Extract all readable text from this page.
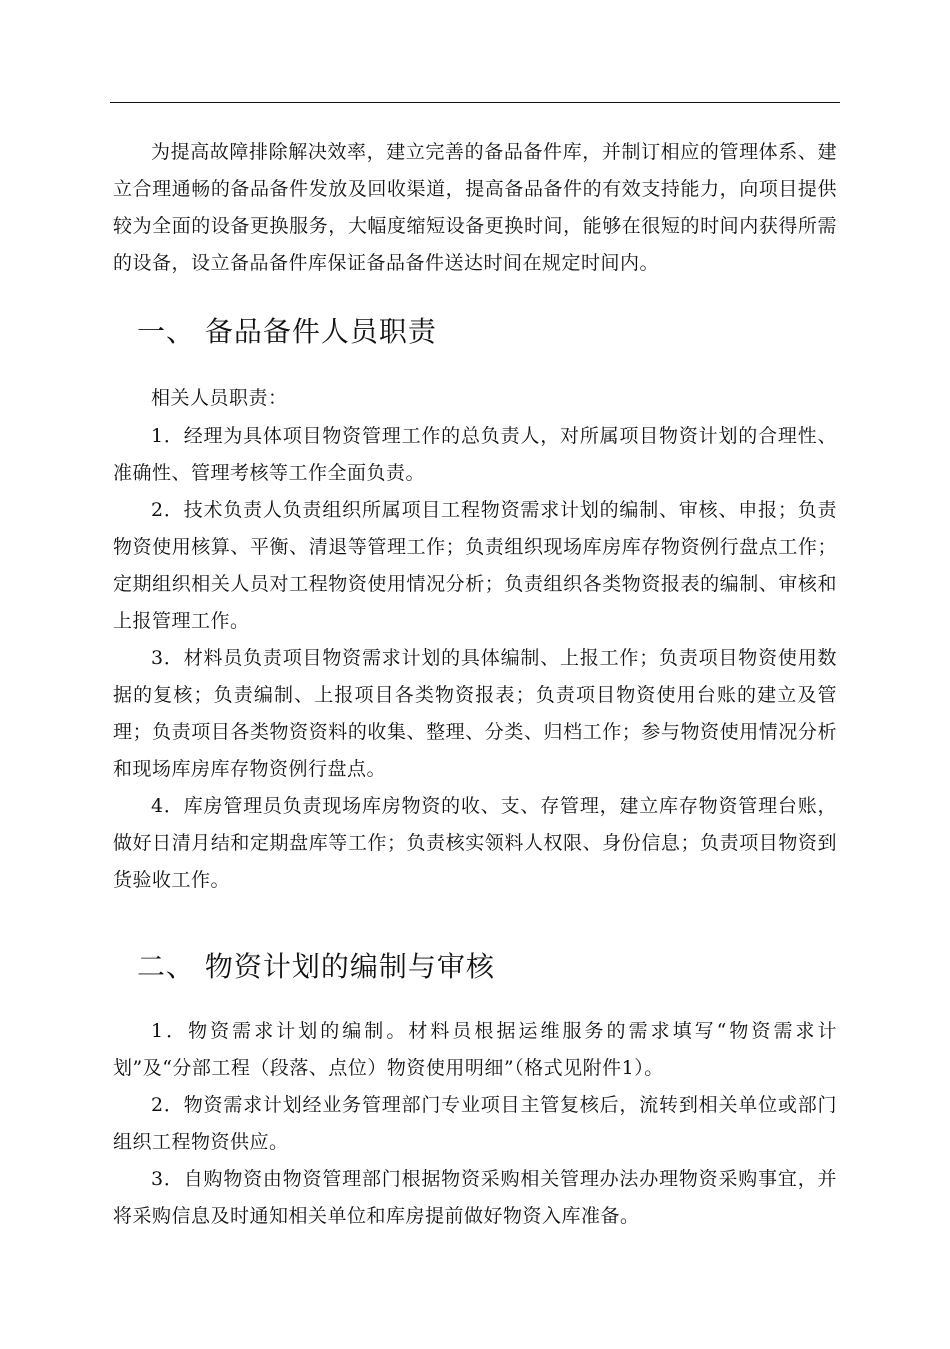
为提高故障排除解决效率，建立完善的备品备件库，并制订相应的管理体系、建立合理通畅的备品备件发放及回收渠道，提高备品备件的有效支持能力，向项目提供较为全面的设备更换服务，大幅度缩短设备更换时间，能够在很短的时间内获得所需的设备，设立备品备件库保证备品备件送达时间在规定时间内。

一、 备品备件人员职责

相关人员职责：

1．经理为具体项目物资管理工作的总负责人，对所属项目物资计划的合理性、准确性、管理考核等工作全面负责。

2．技术负责人负责组织所属项目工程物资需求计划的编制、审核、申报；负责物资使用核算、平衡、清退等管理工作；负责组织现场库房库存物资例行盘点工作；定期组织相关人员对工程物资使用情况分析；负责组织各类物资报表的编制、审核和上报管理工作。

3．材料员负责项目物资需求计划的具体编制、上报工作；负责项目物资使用数据的复核；负责编制、上报项目各类物资报表；负责项目物资使用台账的建立及管理；负责项目各类物资资料的收集、整理、分类、归档工作；参与物资使用情况分析和现场库房库存物资例行盘点。

4．库房管理员负责现场库房物资的收、支、存管理，建立库存物资管理台账，做好日清月结和定期盘库等工作；负责核实领料人权限、身份信息；负责项目物资到货验收工作。

二、 物资计划的编制与审核

1．物资需求计划的编制。材料员根据运维服务的需求填写“物资需求计划”及“分部工程（段落、点位）物资使用明细”（格式见附件1）。

2．物资需求计划经业务管理部门专业项目主管复核后，流转到相关单位或部门组织工程物资供应。

3．自购物资由物资管理部门根据物资采购相关管理办法办理物资采购事宜，并将采购信息及时通知相关单位和库房提前做好物资入库准备。
